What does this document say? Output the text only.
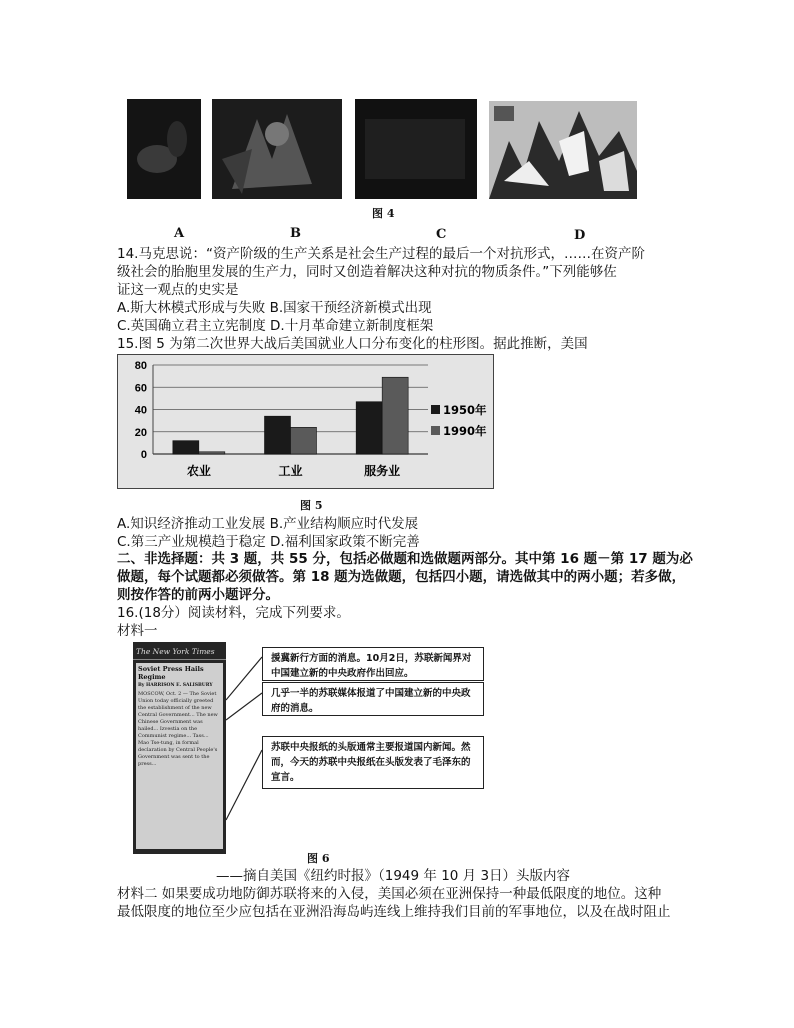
图 4
A	B	C	D
14.马克思说：“资产阶级的生产关系是社会生产过程的最后一个对抗形式，……在资产阶
级社会的胎胞里发展的生产力，同时又创造着解决这种对抗的物质条件。”下列能够佐
证这一观点的史实是
A.斯大林模式形成与失败 B.国家干预经济新模式出现
C.英国确立君主立宪制度 D.十月革命建立新制度框架
15.图 5 为第二次世界大战后美国就业人口分布变化的柱形图。据此推断，美国
0
20
40
60
80
农业	工业	服务业
1950年
1990年
图 5
A.知识经济推动工业发展 B.产业结构顺应时代发展
C.第三产业规模趋于稳定 D.福利国家政策不断完善
二、非选择题：共 3 题，共 55 分，包括必做题和选做题两部分。其中第 16 题－第 17 题为必
做题，每个试题都必须做答。第 18 题为选做题，包括四小题，请选做其中的两小题；若多做，
则按作答的前两小题评分。
16.(18分）阅读材料，完成下列要求。
材料一
The New York Times
Soviet Press Hails Regime
By HARRISON E. SALISBURY
MOSCOW, Oct. 2 — The Soviet Union today officially greeted the establishment of the new Central Government... The new Chinese Government was hailed... Izvestia on the Communist regime... Tass... Mao Tse-tung, in formal declaration by Central People's Government was sent to the press...
援冀新行方面的消息。10月2日，苏联新闻界对中国建立新的中央政府作出回应。
几乎一半的苏联媒体报道了中国建立新的中央政府的消息。
苏联中央报纸的头版通常主要报道国内新闻。然而，今天的苏联中央报纸在头版发表了毛泽东的宣言。
图 6
——摘自美国《纽约时报》（1949 年 10 月 3日）头版内容
材料二 如果要成功地防御苏联将来的入侵，美国必须在亚洲保持一种最低限度的地位。这种
最低限度的地位至少应包括在亚洲沿海岛屿连线上维持我们目前的军事地位，以及在战时阻止
